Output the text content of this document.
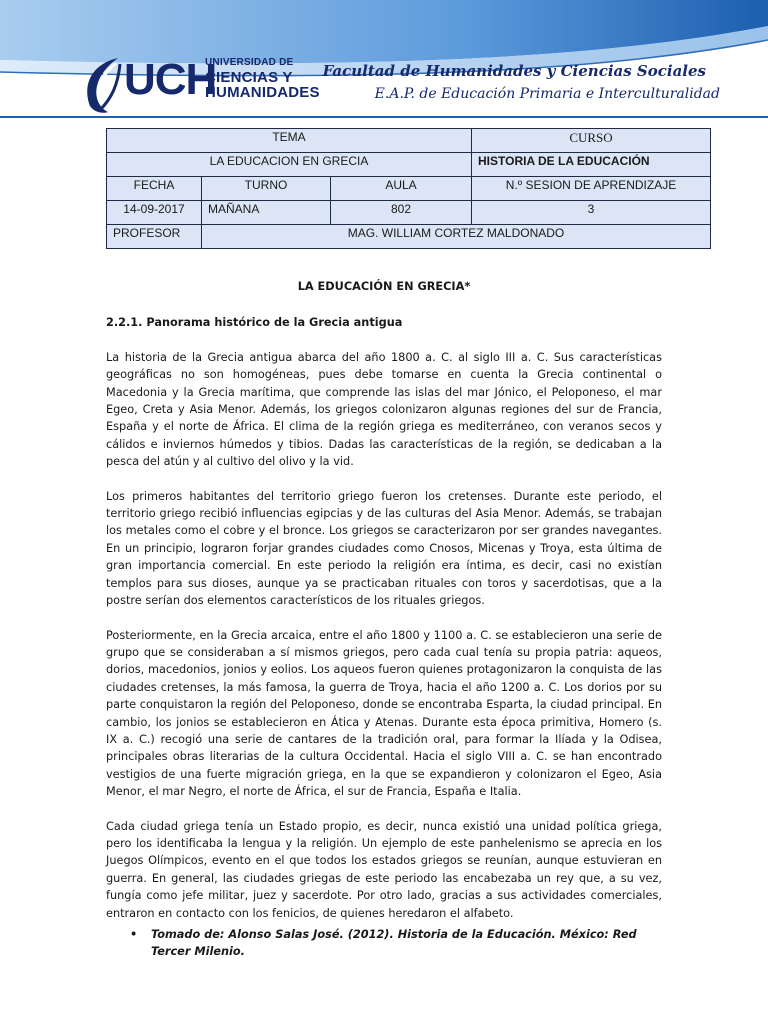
UCH
UNIVERSIDAD DE
CIENCIAS Y
HUMANIDADES
Facultad de Humanidades y Ciencias Sociales
E.A.P. de Educación Primaria e Interculturalidad
TEMA			CURSO
LA EDUCACION EN GRECIA			HISTORIA DE LA EDUCACIÓN
FECHA	TURNO	AULA	N.º SESION DE APRENDIZAJE
14-09-2017	MAÑANA	802	3
PROFESOR	MAG. WILLIAM CORTEZ MALDONADO		
LA EDUCACIÓN EN GRECIA*
2.2.1. Panorama histórico de la Grecia antigua

La historia de la Grecia antigua abarca del año 1800 a. C. al siglo III a. C. Sus características geográficas no son homogéneas, pues debe tomarse en cuenta la Grecia continental o Macedonia y la Grecia marítima, que comprende las islas del mar Jónico, el Peloponeso, el mar Egeo, Creta y Asia Menor. Además, los griegos colonizaron algunas regiones del sur de Francia, España y el norte de África. El clima de la región griega es mediterráneo, con veranos secos y cálidos e inviernos húmedos y tibios. Dadas las características de la región, se dedicaban a la pesca del atún y al cultivo del olivo y la vid.

Los primeros habitantes del territorio griego fueron los cretenses. Durante este periodo, el territorio griego recibió influencias egipcias y de las culturas del Asia Menor. Además, se trabajan los metales como el cobre y el bronce. Los griegos se caracterizaron por ser grandes navegantes. En un principio, lograron forjar grandes ciudades como Cnosos, Micenas y Troya, esta última de gran importancia comercial. En este periodo la religión era íntima, es decir, casi no existían templos para sus dioses, aunque ya se practicaban rituales con toros y sacerdotisas, que a la postre serían dos elementos característicos de los rituales griegos.

Posteriormente, en la Grecia arcaica, entre el año 1800 y 1100 a. C. se establecieron una serie de grupo que se consideraban a sí mismos griegos, pero cada cual tenía su propia patria: aqueos, dorios, macedonios, jonios y eolios. Los aqueos fueron quienes protagonizaron la conquista de las ciudades cretenses, la más famosa, la guerra de Troya, hacia el año 1200 a. C. Los dorios por su parte conquistaron la región del Peloponeso, donde se encontraba Esparta, la ciudad principal. En cambio, los jonios se establecieron en Ática y Atenas. Durante esta época primitiva, Homero (s. IX a. C.) recogió una serie de cantares de la tradición oral, para formar la Ilíada y la Odisea, principales obras literarias de la cultura Occidental. Hacia el siglo VIII a. C. se han encontrado vestigios de una fuerte migración griega, en la que se expandieron y colonizaron el Egeo, Asia Menor, el mar Negro, el norte de África, el sur de Francia, España e Italia.

Cada ciudad griega tenía un Estado propio, es decir, nunca existió una unidad política griega, pero los identificaba la lengua y la religión. Un ejemplo de este panhelenismo se aprecia en los Juegos Olímpicos, evento en el que todos los estados griegos se reunían, aunque estuvieran en guerra. En general, las ciudades griegas de este periodo las encabezaba un rey que, a su vez, fungía como jefe militar, juez y sacerdote. Por otro lado, gracias a sus actividades comerciales, entraron en contacto con los fenicios, de quienes heredaron el alfabeto.

• Tomado de: Alonso Salas José. (2012). Historia de la Educación. México: Red Tercer Milenio.
